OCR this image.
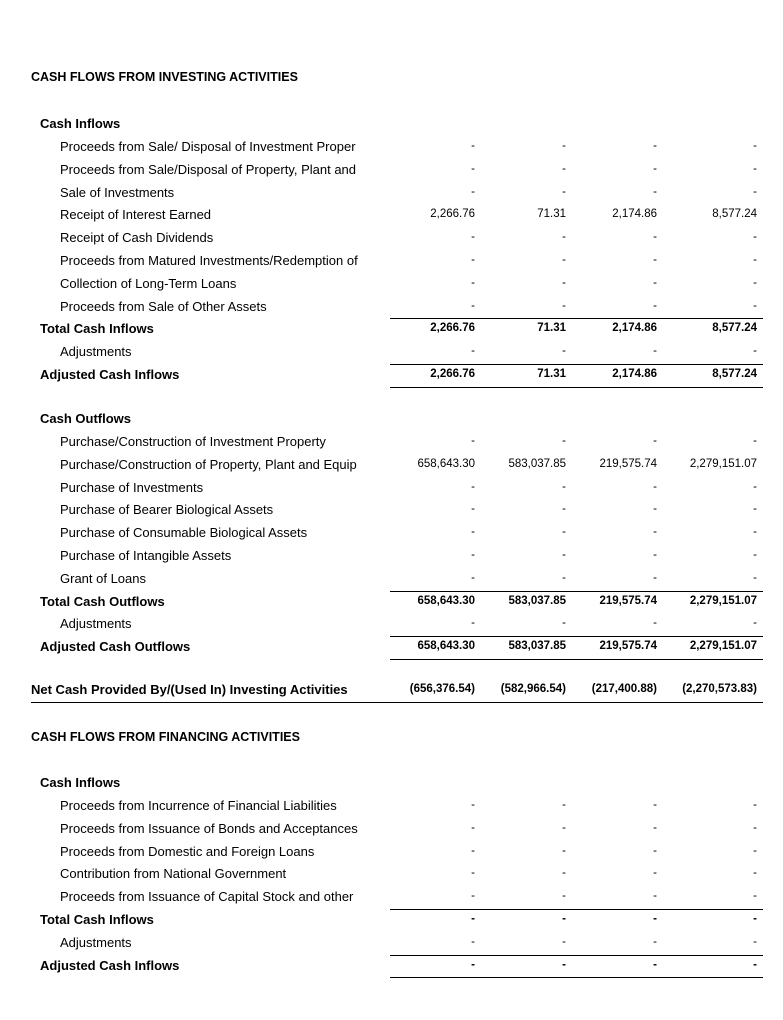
CASH FLOWS FROM INVESTING ACTIVITIES
Cash Inflows
Proceeds from Sale/ Disposal of Investment Proper	-	-	-	-
Proceeds from Sale/Disposal of Property, Plant and	-	-	-	-
Sale of Investments	-	-	-	-
Receipt of Interest Earned	2,266.76	71.31	2,174.86	8,577.24
Receipt of Cash Dividends	-	-	-	-
Proceeds from Matured Investments/Redemption of	-	-	-	-
Collection of Long-Term Loans	-	-	-	-
Proceeds from Sale of Other Assets	-	-	-	-
Total Cash Inflows	2,266.76	71.31	2,174.86	8,577.24
Adjustments	-	-	-	-
Adjusted Cash Inflows	2,266.76	71.31	2,174.86	8,577.24
Cash Outflows
Purchase/Construction of Investment Property	-	-	-	-
Purchase/Construction of Property, Plant and Equip	658,643.30	583,037.85	219,575.74	2,279,151.07
Purchase of Investments	-	-	-	-
Purchase of Bearer Biological Assets	-	-	-	-
Purchase of Consumable Biological Assets	-	-	-	-
Purchase of Intangible Assets	-	-	-	-
Grant of Loans	-	-	-	-
Total Cash Outflows	658,643.30	583,037.85	219,575.74	2,279,151.07
Adjustments	-	-	-	-
Adjusted Cash Outflows	658,643.30	583,037.85	219,575.74	2,279,151.07
Net Cash Provided By/(Used In) Investing Activities	(656,376.54)	(582,966.54)	(217,400.88)	(2,270,573.83)
CASH FLOWS FROM FINANCING ACTIVITIES
Cash Inflows
Proceeds from Incurrence of Financial Liabilities	-	-	-	-
Proceeds from Issuance of Bonds and Acceptances	-	-	-	-
Proceeds from Domestic and Foreign Loans	-	-	-	-
Contribution from National Government	-	-	-	-
Proceeds from Issuance of Capital Stock and other	-	-	-	-
Total Cash Inflows	-	-	-	-
Adjustments	-	-	-	-
Adjusted Cash Inflows	-	-	-	-
